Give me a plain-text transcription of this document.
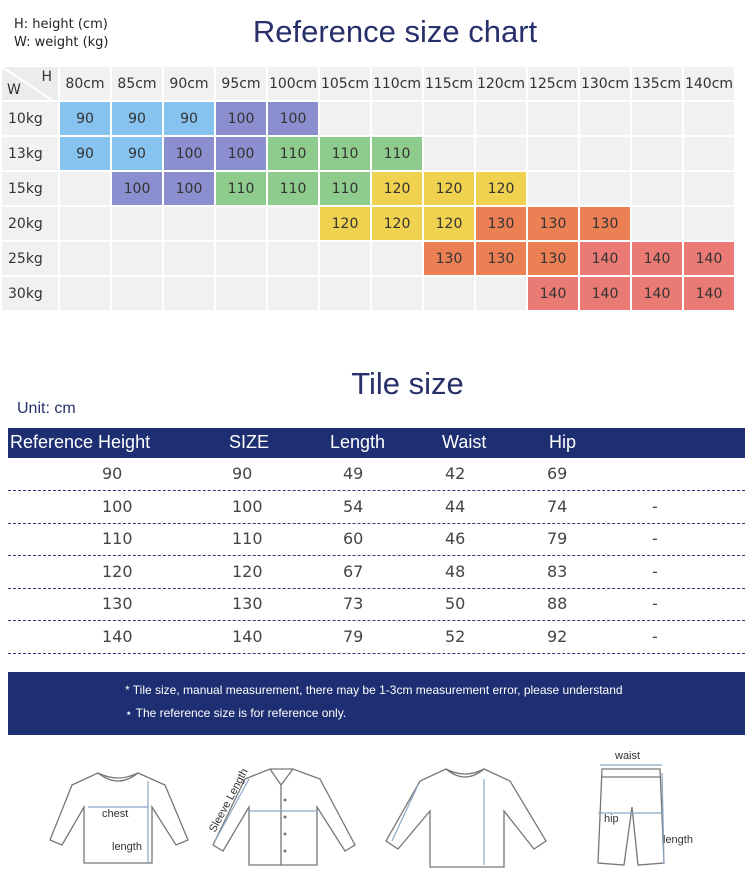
H: height (cm)
W: weight (kg)	Reference size chart
H
W	80cm	85cm	90cm	95cm	100cm	105cm	110cm	115cm	120cm	125cm	130cm	135cm	140cm
10kg	90	90	90	100	100								
13kg	90	90	100	100	110	110	110						
15kg		100	100	110	110	110	120	120	120				
20kg						120	120	120	130	130	130		
25kg								130	130	130	140	140	140
30kg										140	140	140	140
Tile size
Unit: cm
Reference Height	SIZE	Length	Waist	Hip
90	90	49	42	69
100	100	54	44	74	-
110	110	60	46	79	-
120	120	67	48	83	-
130	130	73	50	88	-
140	140	79	52	92	-
* Tile size, manual measurement, there may be 1-3cm measurement error, please understand
⋆ The reference size is for reference only.
chest
length
Sleeve Length
waist
hip
length
